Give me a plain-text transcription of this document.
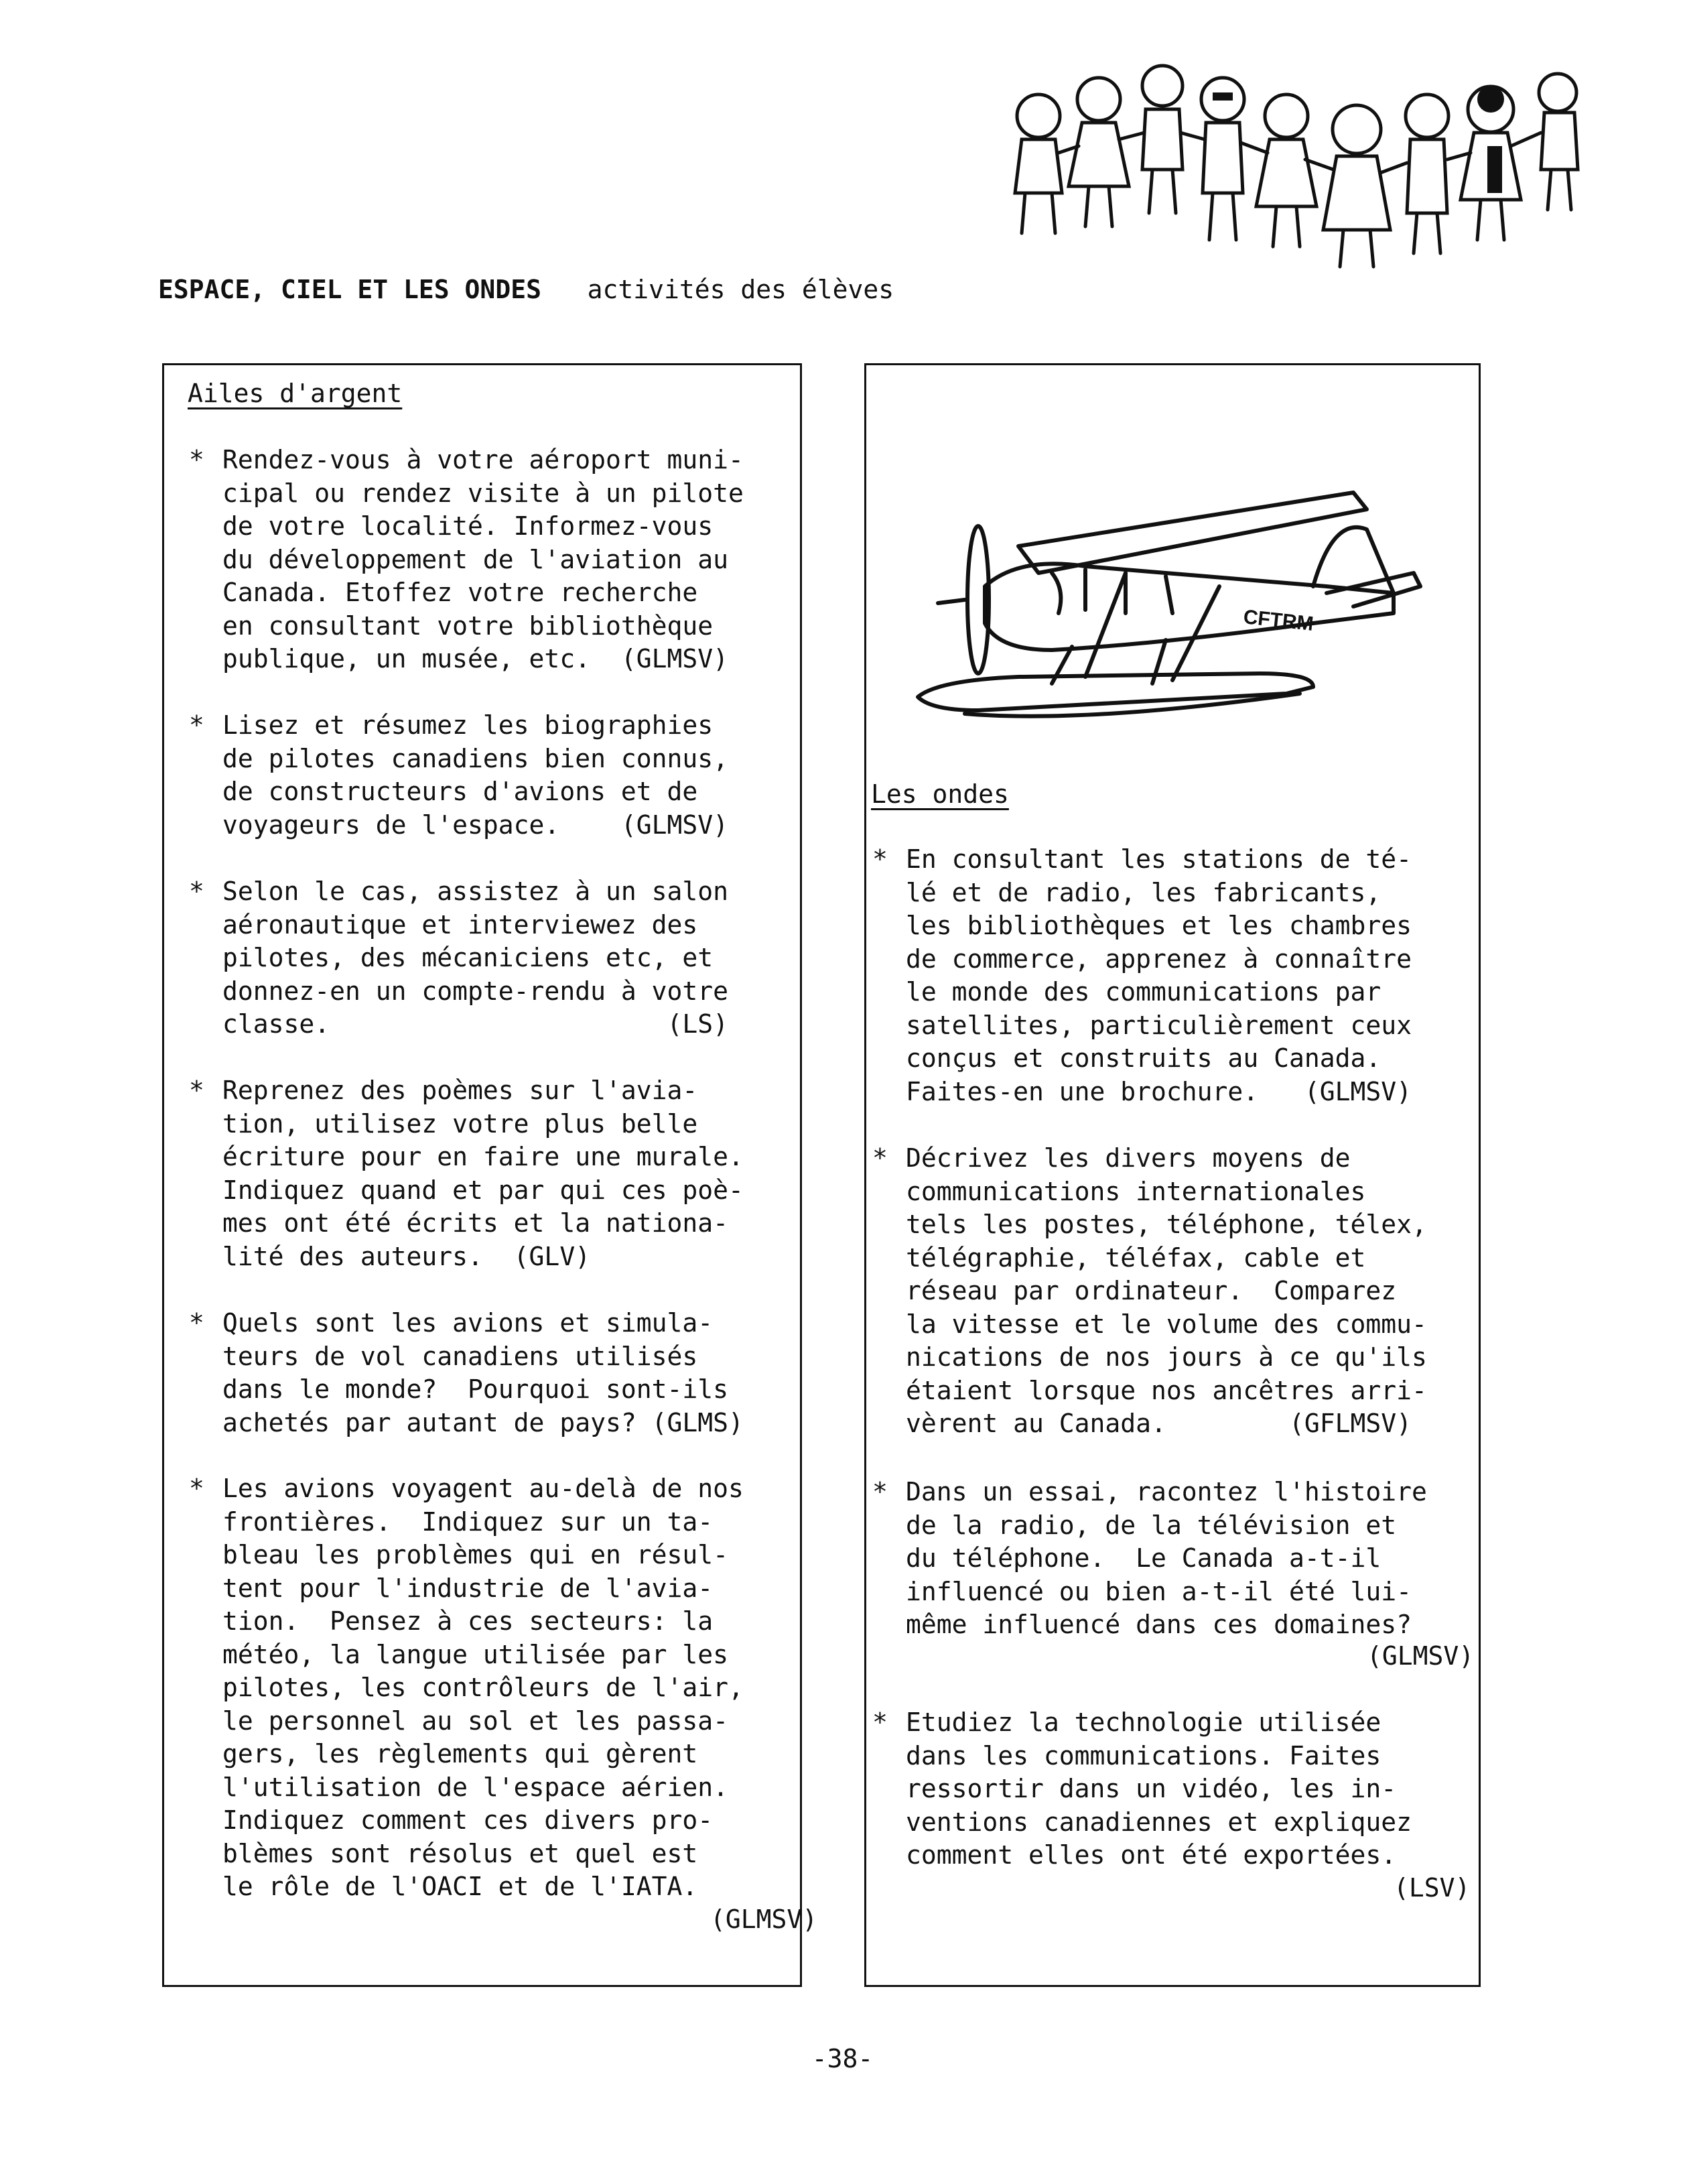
ESPACE, CIEL ET LES ONDES activités des élèves
Ailes d'argent

*

Rendez-vous à votre aéroport muni-
cipal ou rendez visite à un pilote
de votre localité. Informez-vous
du développement de l'aviation au
Canada. Etoffez votre recherche
en consultant votre bibliothèque
publique, un musée, etc.  (GLMSV)

*

Lisez et résumez les biographies
de pilotes canadiens bien connus,
de constructeurs d'avions et de
voyageurs de l'espace.    (GLMSV)

*

Selon le cas, assistez à un salon
aéronautique et interviewez des
pilotes, des mécaniciens etc, et
donnez-en un compte-rendu à votre
classe.                      (LS)

*

Reprenez des poèmes sur l'avia-
tion, utilisez votre plus belle
écriture pour en faire une murale.
Indiquez quand et par qui ces poè-
mes ont été écrits et la nationa-
lité des auteurs.  (GLV)

*

Quels sont les avions et simula-
teurs de vol canadiens utilisés
dans le monde?  Pourquoi sont-ils
achetés par autant de pays? (GLMS)

*

Les avions voyagent au-delà de nos
frontières.  Indiquez sur un ta-
bleau les problèmes qui en résul-
tent pour l'industrie de l'avia-
tion.  Pensez à ces secteurs: la
météo, la langue utilisée par les
pilotes, les contrôleurs de l'air,
le personnel au sol et les passa-
gers, les règlements qui gèrent
l'utilisation de l'espace aérien.
Indiquez comment ces divers pro-
blèmes sont résolus et quel est
le rôle de l'OACI et de l'IATA.

(GLMSV)
CFTRM
Les ondes

*

En consultant les stations de té-
lé et de radio, les fabricants,
les bibliothèques et les chambres
de commerce, apprenez à connaître
le monde des communications par
satellites, particulièrement ceux
conçus et construits au Canada.
Faites-en une brochure.   (GLMSV)

*

Décrivez les divers moyens de
communications internationales
tels les postes, téléphone, télex,
télégraphie, téléfax, cable et
réseau par ordinateur.  Comparez
la vitesse et le volume des commu-
nications de nos jours à ce qu'ils
étaient lorsque nos ancêtres arri-
vèrent au Canada.        (GFLMSV)

*

Dans un essai, racontez l'histoire
de la radio, de la télévision et
du téléphone.  Le Canada a-t-il
influencé ou bien a-t-il été lui-
même influencé dans ces domaines?

(GLMSV)

*

Etudiez la technologie utilisée
dans les communications. Faites
ressortir dans un vidéo, les in-
ventions canadiennes et expliquez
comment elles ont été exportées.

(LSV)
-38-
